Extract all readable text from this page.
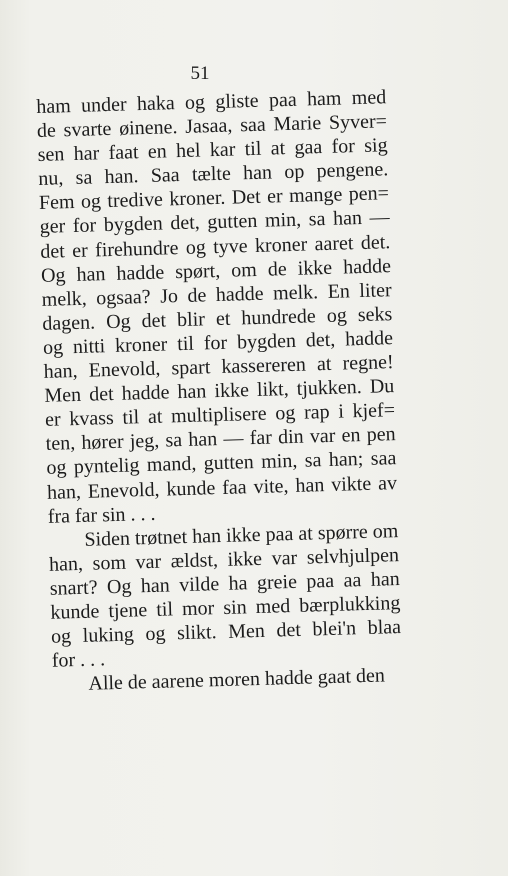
51
ham under haka og gliste paa ham med
de svarte øinene. Jasaa, saa Marie Syver=
sen har faat en hel kar til at gaa for sig
nu, sa han. Saa tælte han op pengene.
Fem og tredive kroner. Det er mange pen=
ger for bygden det, gutten min, sa han —
det er firehundre og tyve kroner aaret det.
Og han hadde spørt, om de ikke hadde
melk, ogsaa? Jo de hadde melk. En liter
dagen. Og det blir et hundrede og seks
og nitti kroner til for bygden det, hadde
han, Enevold, spart kassereren at regne!
Men det hadde han ikke likt, tjukken. Du
er kvass til at multiplisere og rap i kjef=
ten, hører jeg, sa han — far din var en pen
og pyntelig mand, gutten min, sa han; saa
han, Enevold, kunde faa vite, han vikte av
fra far sin . . .
Siden trøtnet han ikke paa at spørre om
han, som var ældst, ikke var selvhjulpen
snart? Og han vilde ha greie paa aa han
kunde tjene til mor sin med bærplukking
og luking og slikt. Men det blei'n blaa
for . . .
Alle de aarene moren hadde gaat den
